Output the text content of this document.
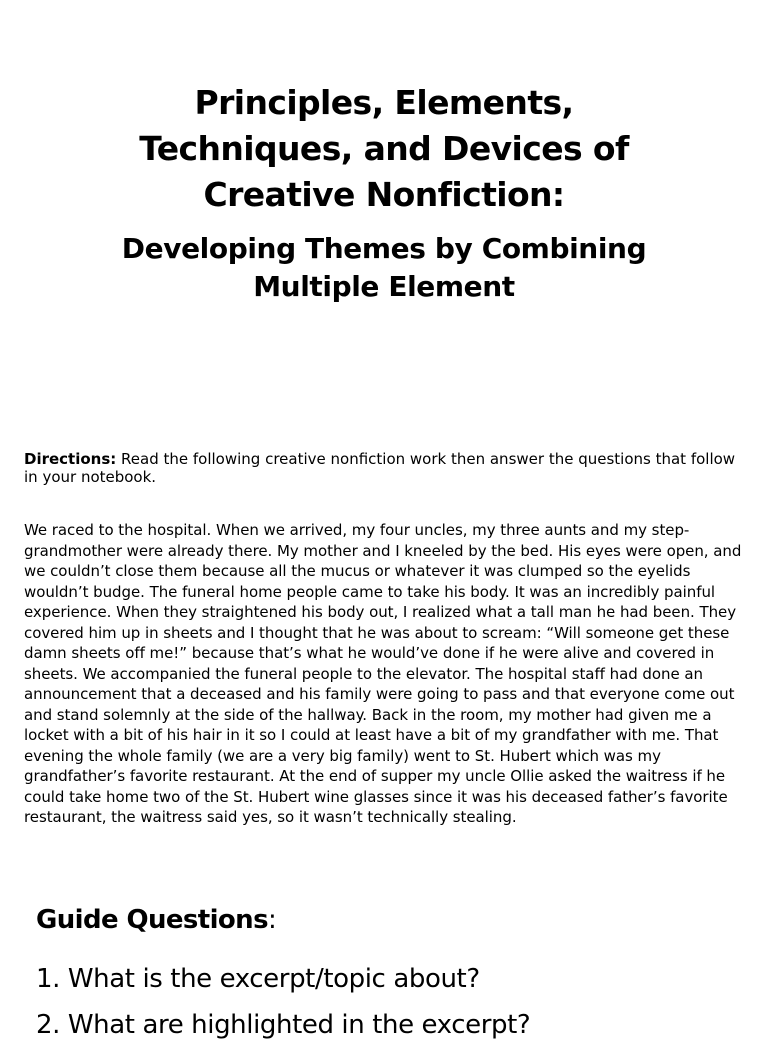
Principles, Elements, Techniques, and Devices of Creative Nonfiction:
Developing Themes by Combining Multiple Element

Directions: Read the following creative nonfiction work then answer the questions that follow in your notebook.

We raced to the hospital. When we arrived, my four uncles, my three aunts and my step-grandmother were already there. My mother and I kneeled by the bed. His eyes were open, and we couldn’t close them because all the mucus or whatever it was clumped so the eyelids wouldn’t budge. The funeral home people came to take his body. It was an incredibly painful experience. When they straightened his body out, I realized what a tall man he had been. They covered him up in sheets and I thought that he was about to scream: “Will someone get these damn sheets off me!” because that’s what he would’ve done if he were alive and covered in sheets. We accompanied the funeral people to the elevator. The hospital staff had done an announcement that a deceased and his family were going to pass and that everyone come out and stand solemnly at the side of the hallway. Back in the room, my mother had given me a locket with a bit of his hair in it so I could at least have a bit of my grandfather with me. That evening the whole family (we are a very big family) went to St. Hubert which was my grandfather’s favorite restaurant. At the end of supper my uncle Ollie asked the waitress if he could take home two of the St. Hubert wine glasses since it was his deceased father’s favorite restaurant, the waitress said yes, so it wasn’t technically stealing.

Guide Questions:
1. What is the excerpt/topic about?
2. What are highlighted in the excerpt?
